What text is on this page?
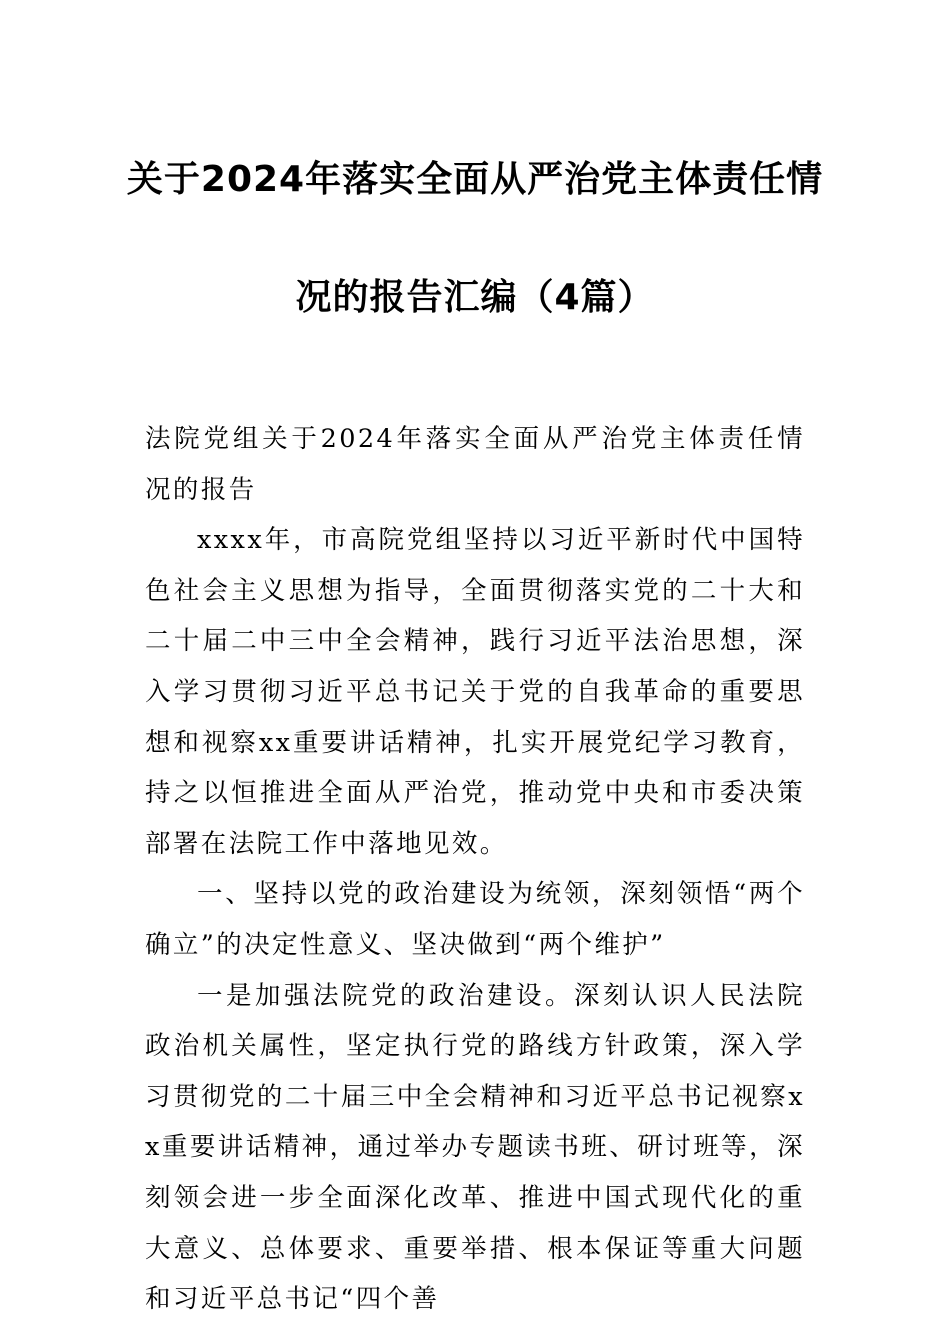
关于2024年落实全面从严治党主体责任情
况的报告汇编（4篇）

法院党组关于2024年落实全面从严治党主体责任情况的报告

xxxx年，市高院党组坚持以习近平新时代中国特色社会主义思想为指导，全面贯彻落实党的二十大和二十届二中三中全会精神，践行习近平法治思想，深入学习贯彻习近平总书记关于党的自我革命的重要思想和视察xx重要讲话精神，扎实开展党纪学习教育，持之以恒推进全面从严治党，推动党中央和市委决策部署在法院工作中落地见效。

一、坚持以党的政治建设为统领，深刻领悟“两个确立”的决定性意义、坚决做到“两个维护”

一是加强法院党的政治建设。深刻认识人民法院政治机关属性，坚定执行党的路线方针政策，深入学习贯彻党的二十届三中全会精神和习近平总书记视察xx重要讲话精神，通过举办专题读书班、研讨班等，深刻领会进一步全面深化改革、推进中国式现代化的重大意义、总体要求、重要举措、根本保证等重大问题和习近平总书记“四个善
